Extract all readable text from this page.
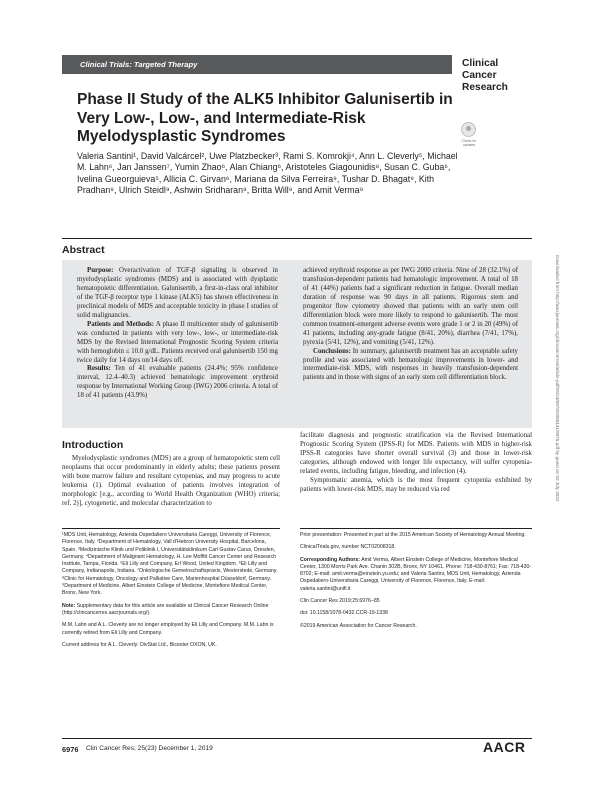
Clinical Trials: Targeted Therapy	Clinical
Cancer
Research
Check for updates
Phase II Study of the ALK5 Inhibitor Galunisertib in Very Low-, Low-, and Intermediate-Risk Myelodysplastic Syndromes
Valeria Santini¹, David Valcárcel², Uwe Platzbecker³, Rami S. Komrokji⁴, Ann L. Cleverly⁵, Michael M. Lahn⁶, Jan Janssen⁷, Yumin Zhao⁶, Alan Chiang⁶, Aristoteles Giagounidis⁸, Susan C. Guba⁶, Ivelina Gueorguieva⁵, Allicia C. Girvan⁶, Mariana da Silva Ferreira⁹, Tushar D. Bhagat⁹, Kith Pradhan⁹, Ulrich Steidl⁹, Ashwin Sridharan⁹, Britta Will⁹, and Amit Verma⁹
Abstract

Purpose: Overactivation of TGF-β signaling is observed in myelodysplastic syndromes (MDS) and is associated with dysplastic hematopoietic differentiation. Galunisertib, a first-in-class oral inhibitor of the TGF-β receptor type 1 kinase (ALK5) has shown effectiveness in preclinical models of MDS and acceptable toxicity in phase I studies of solid malignancies.

Patients and Methods: A phase II multicenter study of galunisertib was conducted in patients with very low-, low-, or intermediate-risk MDS by the Revised International Prognostic Scoring System criteria with hemoglobin ≤ 10.0 g/dL. Patients received oral galunisertib 150 mg twice daily for 14 days on/14 days off.

Results: Ten of 41 evaluable patients (24.4%; 95% confidence interval, 12.4–40.3) achieved hematologic improvement erythroid response by International Working Group (IWG) 2006 criteria. A total of 18 of 41 patients (43.9%)

achieved erythroid response as per IWG 2000 criteria. Nine of 28 (32.1%) of transfusion-dependent patients had hematologic improvement. A total of 18 of 41 (44%) patients had a significant reduction in fatigue. Overall median duration of response was 90 days in all patients. Rigorous stem and progenitor flow cytometry showed that patients with an early stem cell differentiation block were more likely to respond to galunisertib. The most common treatment-emergent adverse events were grade 1 or 2 in 20 (49%) of 41 patients, including any-grade fatigue (8/41, 20%), diarrhea (7/41, 17%), pyrexia (5/41, 12%), and vomiting (5/41, 12%).

Conclusions: In summary, galunisertib treatment has an acceptable safety profile and was associated with hematologic improvements in lower- and intermediate-risk MDS, with responses in heavily transfusion-dependent patients and in those with signs of an early stem cell differentiation block.

Introduction

Myelodysplastic syndromes (MDS) are a group of hematopoietic stem cell neoplasms that occur predominantly in elderly adults; these patients present with bone marrow failure and resultant cytopenias, and may progress to acute leukemia (1). Optimal evaluation of patients involves integration of morphologic [e.g., according to World Health Organization (WHO) criteria; ref. 2)], cytogenetic, and molecular characterization to

facilitate diagnosis and prognostic stratification via the Revised International Prognostic Scoring System (IPSS-R) for MDS. Patients with MDS in higher-risk IPSS-R categories have shorter overall survival (3) and those in lower-risk categories, although endowed with longer life expectancy, will suffer cytopenia-related events, including fatigue, bleeding, and infection (4).

Symptomatic anemia, which is the most frequent cytopenia exhibited by patients with lower-risk MDS, may be reduced via red

¹MDS Unit, Hematology, Azienda Ospedaliero Universitaria Careggi, University of Florence, Florence, Italy. ²Department of Hematology, Vall d'Hebron University Hospital, Barcelona, Spain. ³Medizinische Klinik und Poliklinik I, Universitätsklinikum Carl Gustav Carus, Dresden, Germany. ⁴Department of Malignant Hematology, H. Lee Moffitt Cancer Center and Research Institute, Tampa, Florida. ⁵Eli Lilly and Company, Erl Wood, United Kingdom. ⁶Eli Lilly and Company, Indianapolis, Indiana. ⁷Onkologische Gemeinschaftspraxis, Westerstede, Germany. ⁸Clinic for Hematology, Oncology and Palliative Care, Marienhospital Düsseldorf, Germany. ⁹Department of Medicine, Albert Einstein College of Medicine, Montefiore Medical Center, Bronx, New York.

Note: Supplementary data for this article are available at Clinical Cancer Research Online (http://clincancerres.aacrjournals.org/).

M.M. Lahn and A.L. Cleverly are no longer employed by Eli Lilly and Company. M.M. Lahn is currently retired from Eli Lilly and Company.

Current address for A.L. Cleverly: DivStat Ltd., Bicester OXON, UK.

Prior presentation: Presented in part at the 2015 American Society of Hematology Annual Meeting.

ClinicalTrials.gov, number NCT02008318.

Corresponding Authors: Amit Verma, Albert Einstein College of Medicine, Montefiore Medical Center, 1300 Morris Park Ave. Chanin 302B, Bronx, NY 10461. Phone: 718-430-8761; Fax: 718-430-8702; E-mail: amit.verma@einstein.yu.edu; and Valeria Santini, MDS Unit, Hematology, Azienda Ospedaliero-Universitaria Careggi, University of Florence, Florence, Italy. E-mail: valeria.santini@unifi.it

Clin Cancer Res 2019;25:6976–85

doi: 10.1158/1078-0432.CCR-19-1338

©2019 American Association for Cancer Research.

Downloaded from http://aacrjournals.org/clincancerres/article-pdf/25/23/6976/2055131/6976.pdf by guest on 02 July 2022
6976 Clin Cancer Res; 25(23) December 1, 2019	AACR
